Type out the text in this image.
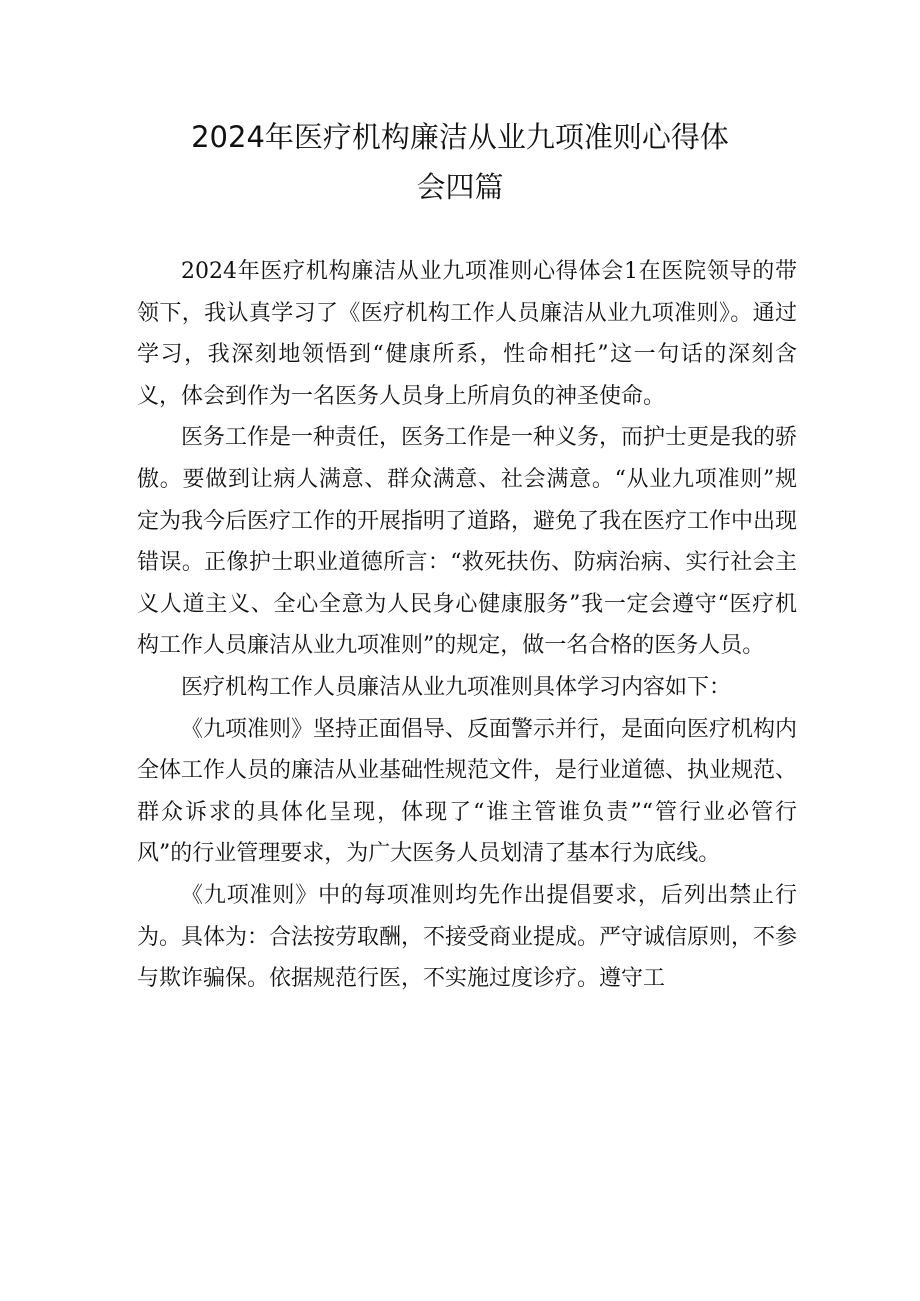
2024年医疗机构廉洁从业九项准则心得体
会四篇

2024年医疗机构廉洁从业九项准则心得体会1在医院领导的带领下，我认真学习了《医疗机构工作人员廉洁从业九项准则》。通过学习，我深刻地领悟到“健康所系，性命相托”这一句话的深刻含义，体会到作为一名医务人员身上所肩负的神圣使命。

医务工作是一种责任，医务工作是一种义务，而护士更是我的骄傲。要做到让病人满意、群众满意、社会满意。“从业九项准则”规定为我今后医疗工作的开展指明了道路，避免了我在医疗工作中出现错误。正像护士职业道德所言：“救死扶伤、防病治病、实行社会主义人道主义、全心全意为人民身心健康服务”我一定会遵守“医疗机构工作人员廉洁从业九项准则”的规定，做一名合格的医务人员。

医疗机构工作人员廉洁从业九项准则具体学习内容如下：

《九项准则》坚持正面倡导、反面警示并行，是面向医疗机构内全体工作人员的廉洁从业基础性规范文件，是行业道德、执业规范、群众诉求的具体化呈现，体现了“谁主管谁负责”“管行业必管行风”的行业管理要求，为广大医务人员划清了基本行为底线。

《九项准则》中的每项准则均先作出提倡要求，后列出禁止行为。具体为：合法按劳取酬，不接受商业提成。严守诚信原则，不参与欺诈骗保。依据规范行医，不实施过度诊疗。遵守工
